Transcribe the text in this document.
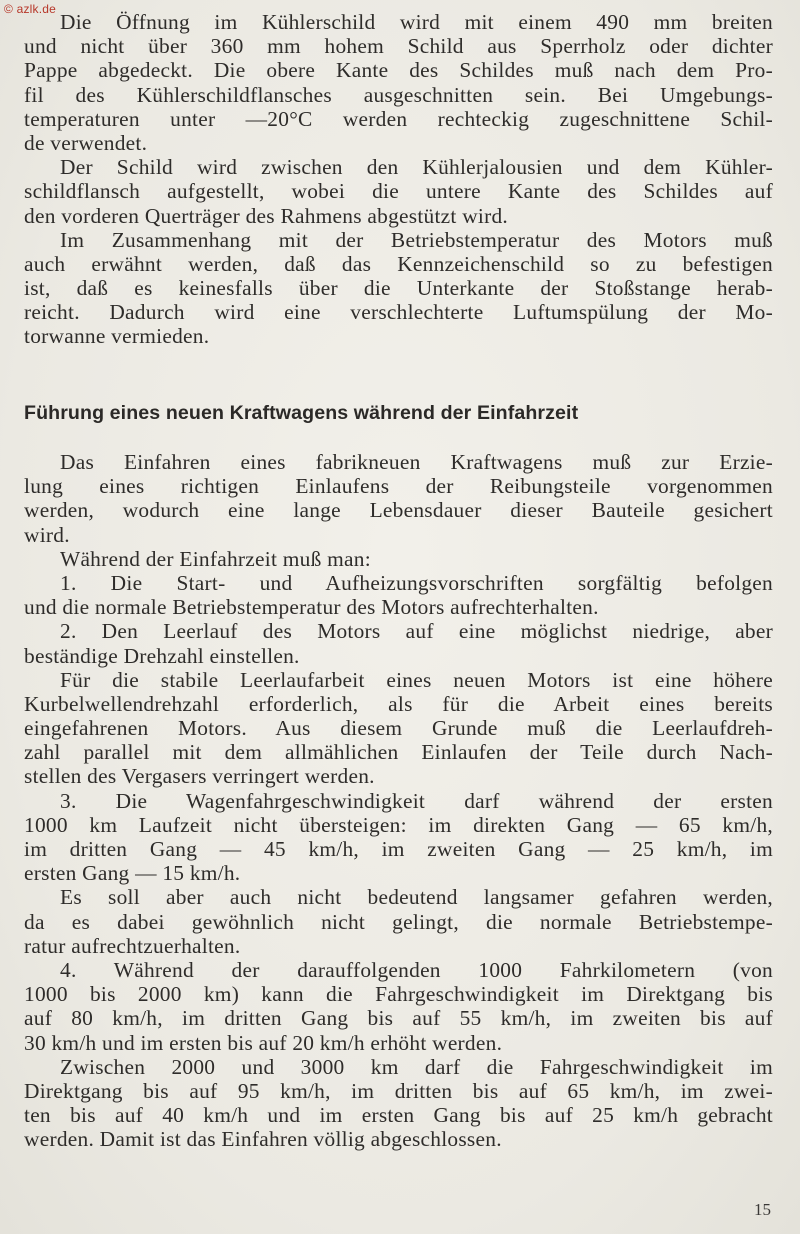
© azlk.de
Die Öffnung im Kühlerschild wird mit einem 490 mm breiten
und nicht über 360 mm hohem Schild aus Sperrholz oder dichter
Pappe abgedeckt. Die obere Kante des Schildes muß nach dem Pro-
fil des Kühlerschildflansches ausgeschnitten sein. Bei Umgebungs-
temperaturen unter —20°C werden rechteckig zugeschnittene Schil-
de verwendet.
Der Schild wird zwischen den Kühlerjalousien und dem Kühler-
schildflansch aufgestellt, wobei die untere Kante des Schildes auf
den vorderen Querträger des Rahmens abgestützt wird.
Im Zusammenhang mit der Betriebstemperatur des Motors muß
auch erwähnt werden, daß das Kennzeichenschild so zu befestigen
ist, daß es keinesfalls über die Unterkante der Stoßstange herab-
reicht. Dadurch wird eine verschlechterte Luftumspülung der Mo-
torwanne vermieden.
Führung eines neuen Kraftwagens während der Einfahrzeit
Das Einfahren eines fabrikneuen Kraftwagens muß zur Erzie-
lung eines richtigen Einlaufens der Reibungsteile vorgenommen
werden, wodurch eine lange Lebensdauer dieser Bauteile gesichert
wird.
Während der Einfahrzeit muß man:
1. Die Start- und Aufheizungsvorschriften sorgfältig befolgen
und die normale Betriebstemperatur des Motors aufrechterhalten.
2. Den Leerlauf des Motors auf eine möglichst niedrige, aber
beständige Drehzahl einstellen.
Für die stabile Leerlaufarbeit eines neuen Motors ist eine höhere
Kurbelwellendrehzahl erforderlich, als für die Arbeit eines bereits
eingefahrenen Motors. Aus diesem Grunde muß die Leerlaufdreh-
zahl parallel mit dem allmählichen Einlaufen der Teile durch Nach-
stellen des Vergasers verringert werden.
3. Die Wagenfahrgeschwindigkeit darf während der ersten
1000 km Laufzeit nicht übersteigen: im direkten Gang — 65 km/h,
im dritten Gang — 45 km/h, im zweiten Gang — 25 km/h, im
ersten Gang — 15 km/h.
Es soll aber auch nicht bedeutend langsamer gefahren werden,
da es dabei gewöhnlich nicht gelingt, die normale Betriebstempe-
ratur aufrechtzuerhalten.
4. Während der darauffolgenden 1000 Fahrkilometern (von
1000 bis 2000 km) kann die Fahrgeschwindigkeit im Direktgang bis
auf 80 km/h, im dritten Gang bis auf 55 km/h, im zweiten bis auf
30 km/h und im ersten bis auf 20 km/h erhöht werden.
Zwischen 2000 und 3000 km darf die Fahrgeschwindigkeit im
Direktgang bis auf 95 km/h, im dritten bis auf 65 km/h, im zwei-
ten bis auf 40 km/h und im ersten Gang bis auf 25 km/h gebracht
werden. Damit ist das Einfahren völlig abgeschlossen.
15
